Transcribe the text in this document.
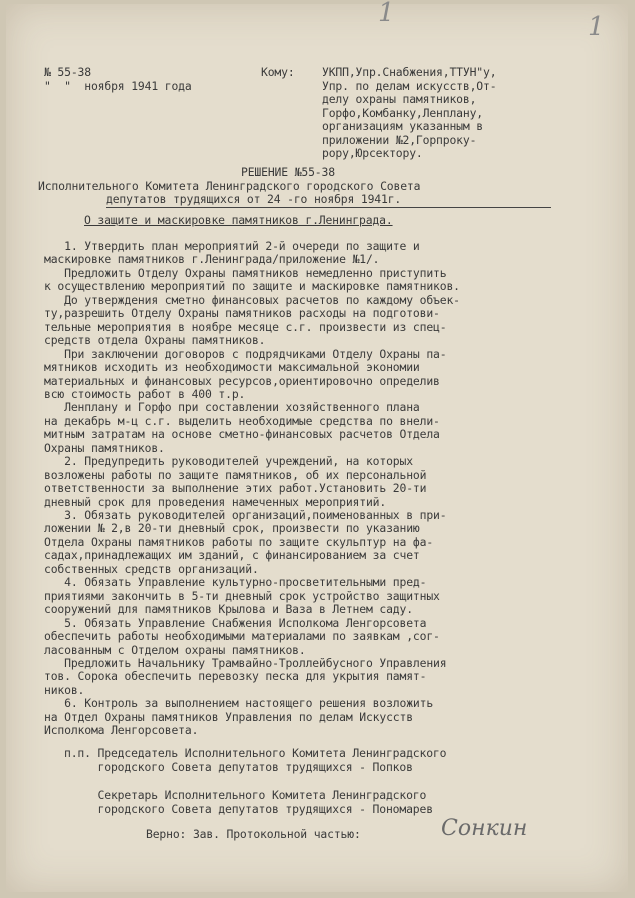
1	1
№ 55-38
"  "  ноября 1941 года
Кому: УКПП,Упр.Снабжения,ТТУН"у,
Упр. по делам искусств,От-
делу охраны памятников,
Горфо,Комбанку,Ленплану,
организациям указанным в
приложении №2,Горпроку-
рору,Юрсектору.
РЕШЕНИЕ №55-38
Исполнительного Комитета Ленинградского городского Совета
депутатов трудящихся от 24 -го ноября 1941г.
О защите и маскировке памятников г.Ленинграда.
1. Утвердить план мероприятий 2-й очереди по защите и
маскировке памятников г.Ленинграда/приложение №1/.
Предложить Отделу Охраны памятников немедленно приступить
к осуществлению мероприятий по защите и маскировке памятников.
До утверждения сметно финансовых расчетов по каждому объек-
ту,разрешить Отделу Охраны памятников расходы на подготови-
тельные мероприятия в ноябре месяце с.г. произвести из спец-
средств отдела Охраны памятников.
При заключении договоров с подрядчиками Отделу Охраны па-
мятников исходить из необходимости максимальной экономии
материальных и финансовых ресурсов,ориентировочно определив
всю стоимость работ в 400 т.р.
Ленплану и Горфо при составлении хозяйственного плана
на декабрь м-ц с.г. выделить необходимые средства по внели-
митным затратам на основе сметно-финансовых расчетов Отдела
Охраны памятников.
2. Предупредить руководителей учреждений, на которых
возложены работы по защите памятников, об их персональной
ответственности за выполнение этих работ.Установить 20-ти
дневный срок для проведения намеченных мероприятий.
3. Обязать руководителей организаций,поименованных в при-
ложении № 2,в 20-ти дневный срок, произвести по указанию
Отдела Охраны памятников работы по защите скульптур на фа-
садах,принадлежащих им зданий, с финансированием за счет
собственных средств организаций.
4. Обязать Управление культурно-просветительными пред-
приятиями закончить в 5-ти дневный срок устройство защитных
сооружений для памятников Крылова и Ваза в Летнем саду.
5. Обязать Управление Снабжения Исполкома Ленгорсовета
обеспечить работы необходимыми материалами по заявкам ,сог-
ласованным с Отделом охраны памятников.
Предложить Начальнику Трамвайно-Троллейбусного Управления
тов. Сорока обеспечить перевозку песка для укрытия памят-
ников.
6. Контроль за выполнением настоящего решения возложить
на Отдел Охраны памятников Управления по делам Искусств
Исполкома Ленгорсовета.
п.п. Председатель Исполнительного Комитета Ленинградского
городского Совета депутатов трудящихся - Попков
Секретарь Исполнительного Комитета Ленинградского
городского Совета депутатов трудящихся - Пономарев
Верно: Зав. Протокольной частью:	Сонкин
